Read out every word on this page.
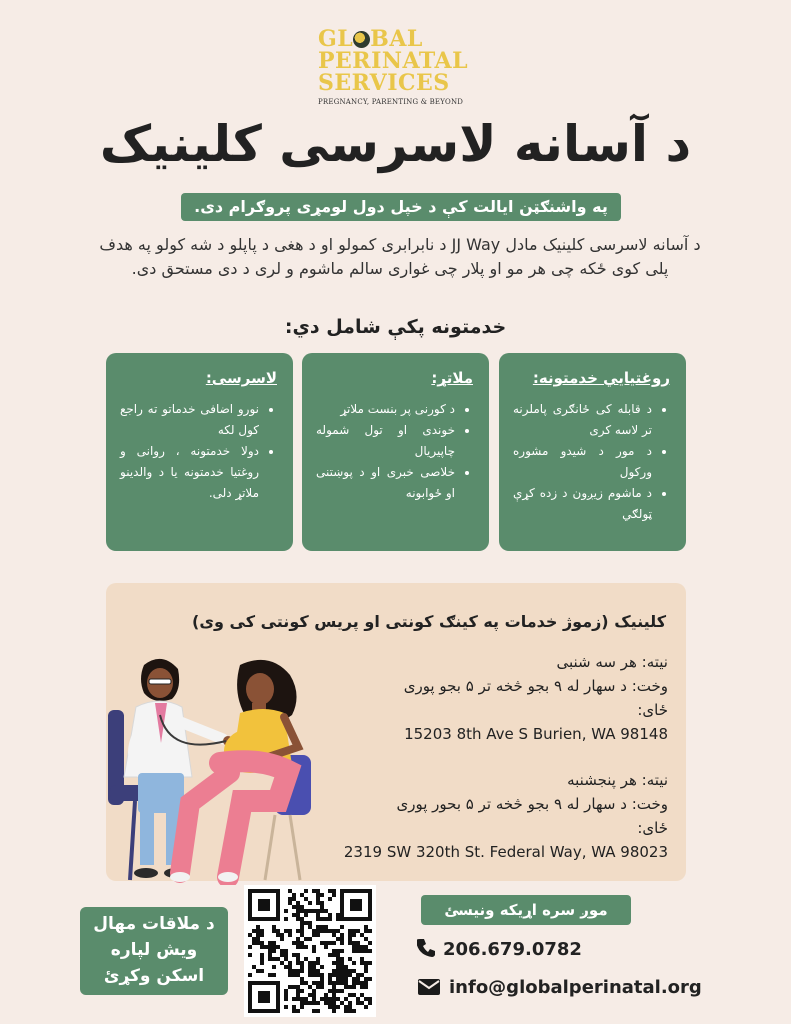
GL BAL
PERINATAL
SERVICES
PREGNANCY, PARENTING & BEYOND
د آسانه لاسرسی کلینیک
په واشنګټن ایالت کې د خپل دول لومړی پروګرام دی.
د آسانه لاسرسی کلینیک مادل JJ Way د نابرابری کمولو او د هغی د پاپلو د شه کولو په هدف پلی کوی ځکه چی هر مو او پلار چی غواری سالم ماشوم و لری د دی مستحق دی.
خدمتونه پکې شامل دي:
روغتیايي خدمتونه:
• د قابله کی ځانګری پاملرنه تر لاسه کری
• د مور د شیدو مشوره ورکول
• د ماشوم زیږون د زده کړې ټولګي
ملاتړ:
• د کورنی پر بنست ملاتړ
• خوندی او تول شموله چاپیریال
• خلاصی خبری او د پوښتنی او ځوابونه
لاسرسی:
• نورو اضافی خدماتو ته راجع کول لکه
• دولا خدمتونه ، روانی و روغتیا خدمتونه یا د والدینو ملاتړ دلی.
کلینیک (زموژ خدمات په کینګ کونتی او پریس کونتی کی وی)
نیته: هر سه شنبی
وخت: د سهار له ۹ بجو څخه تر ۵ بجو پوری
ځای:
15203 8th Ave S Burien, WA 98148
نیته: هر پنجشنبه
وخت: د سهار له ۹ بجو څخه تر ۵ بحور پوری
ځای:
2319 SW 320th St. Federal Way, WA 98023
د ملاقات مهال
ویش لپاره
اسکن وکړئ
موږ سره اړیکه ونیسئ
206.679.0782
info@globalperinatal.org
